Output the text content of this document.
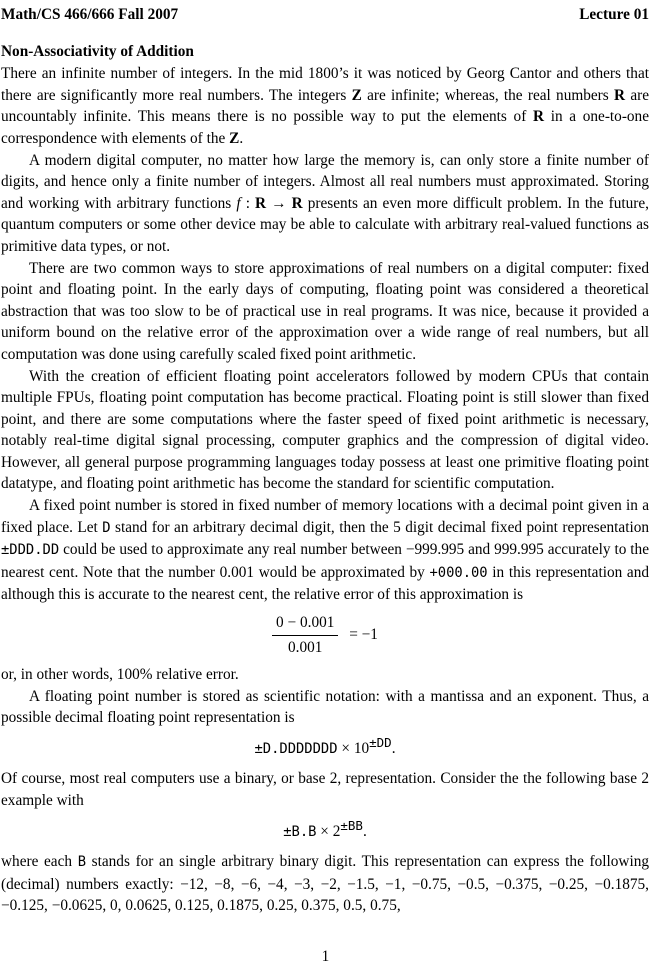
Math/CS 466/666 Fall 2007	Lecture 01
Non-Associativity of Addition

There an infinite number of integers. In the mid 1800’s it was noticed by Georg Cantor and others that there are significantly more real numbers. The integers Z are infinite; whereas, the real numbers R are uncountably infinite. This means there is no possible way to put the elements of R in a one-to-one correspondence with elements of the Z.

A modern digital computer, no matter how large the memory is, can only store a finite number of digits, and hence only a finite number of integers. Almost all real numbers must approximated. Storing and working with arbitrary functions f : R → R presents an even more difficult problem. In the future, quantum computers or some other device may be able to calculate with arbitrary real-valued functions as primitive data types, or not.

There are two common ways to store approximations of real numbers on a digital computer: fixed point and floating point. In the early days of computing, floating point was considered a theoretical abstraction that was too slow to be of practical use in real programs. It was nice, because it provided a uniform bound on the relative error of the approximation over a wide range of real numbers, but all computation was done using carefully scaled fixed point arithmetic.

With the creation of efficient floating point accelerators followed by modern CPUs that contain multiple FPUs, floating point computation has become practical. Floating point is still slower than fixed point, and there are some computations where the faster speed of fixed point arithmetic is necessary, notably real-time digital signal processing, computer graphics and the compression of digital video. However, all general purpose programming languages today possess at least one primitive floating point datatype, and floating point arithmetic has become the standard for scientific computation.

A fixed point number is stored in fixed number of memory locations with a decimal point given in a fixed place. Let D stand for an arbitrary decimal digit, then the 5 digit decimal fixed point representation ±DDD.DD could be used to approximate any real number between −999.995 and 999.995 accurately to the nearest cent. Note that the number 0.001 would be approximated by +000.00 in this representation and although this is accurate to the nearest cent, the relative error of this approximation is

$\frac{0 - 0.001}{0.001} = -1$

or, in other words, 100% relative error.

A floating point number is stored as scientific notation: with a mantissa and an exponent. Thus, a possible decimal floating point representation is

±D.DDDDDDD × $10^{\pm DD}$.

Of course, most real computers use a binary, or base 2, representation. Consider the the following base 2 example with

$\pm B.B \times 2^{\pm BB}$.

where each B stands for an single arbitrary binary digit. This representation can express the following (decimal) numbers exactly: −12, −8, −6, −4, −3, −2, −1.5, −1, −0.75, −0.5, −0.375, −0.25, −0.1875, −0.125, −0.0625, 0, 0.0625, 0.125, 0.1875, 0.25, 0.375, 0.5, 0.75,

1
